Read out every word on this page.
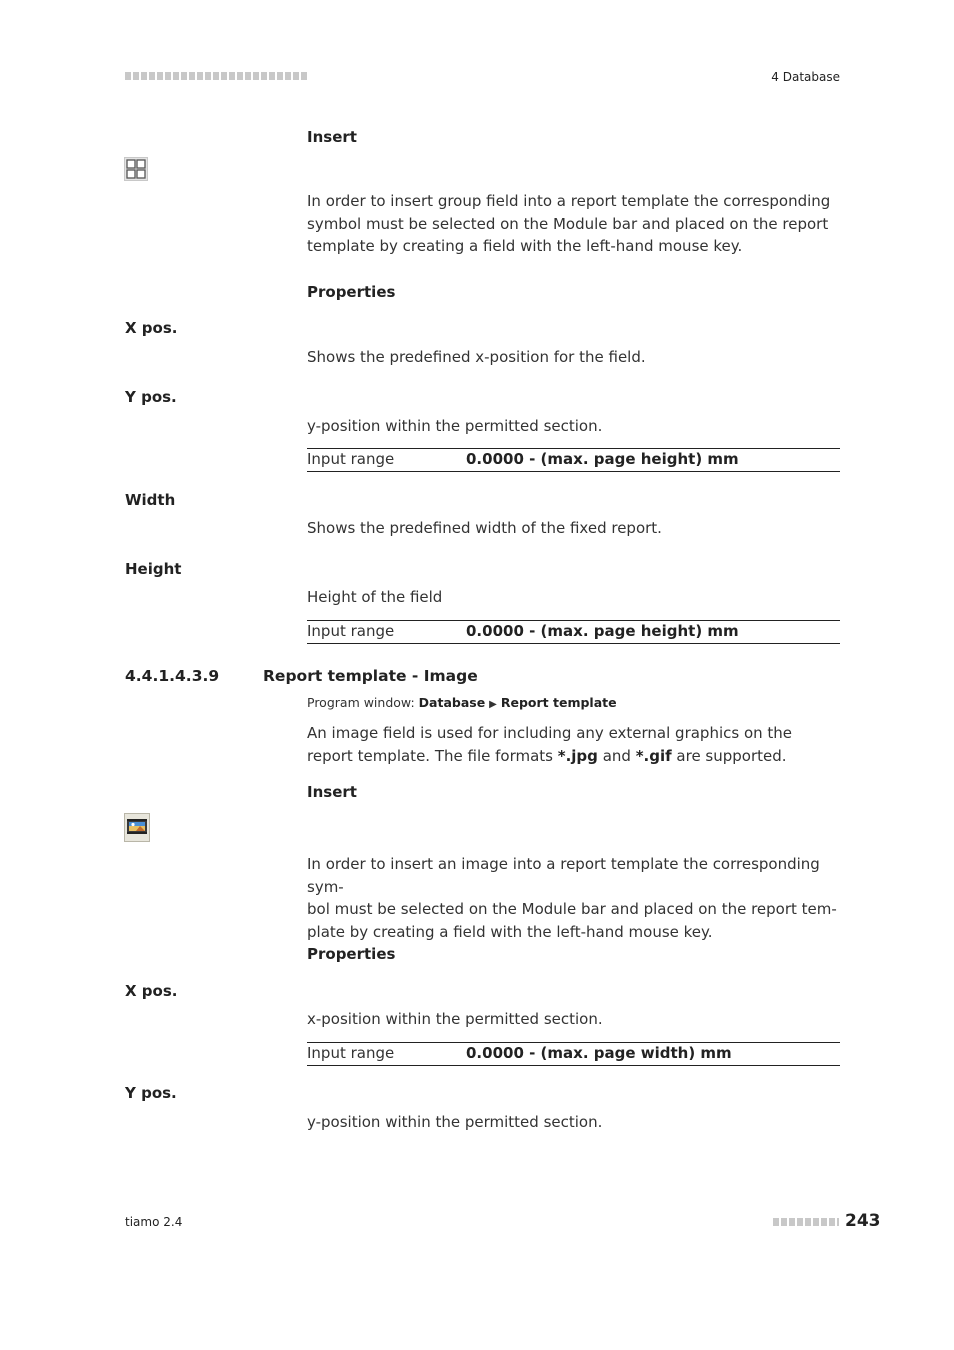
4 Database
Insert
In order to insert group field into a report template the corresponding symbol must be selected on the Module bar and placed on the report template by creating a field with the left-hand mouse key.
Properties
X pos.
Shows the predefined x-position for the field.
Y pos.
y-position within the permitted section.
Input range	0.0000 - (max. page height) mm
Width
Shows the predefined width of the fixed report.
Height
Height of the field
Input range	0.0000 - (max. page height) mm
4.4.1.4.3.9	Report template - Image
Program window: Database ▶ Report template
An image field is used for including any external graphics on the report template. The file formats *.jpg and *.gif are supported.
Insert
In order to insert an image into a report template the corresponding sym-
bol must be selected on the Module bar and placed on the report tem-
plate by creating a field with the left-hand mouse key.
Properties
X pos.
x-position within the permitted section.
Input range	0.0000 - (max. page width) mm
Y pos.
y-position within the permitted section.
tiamo 2.4	243
